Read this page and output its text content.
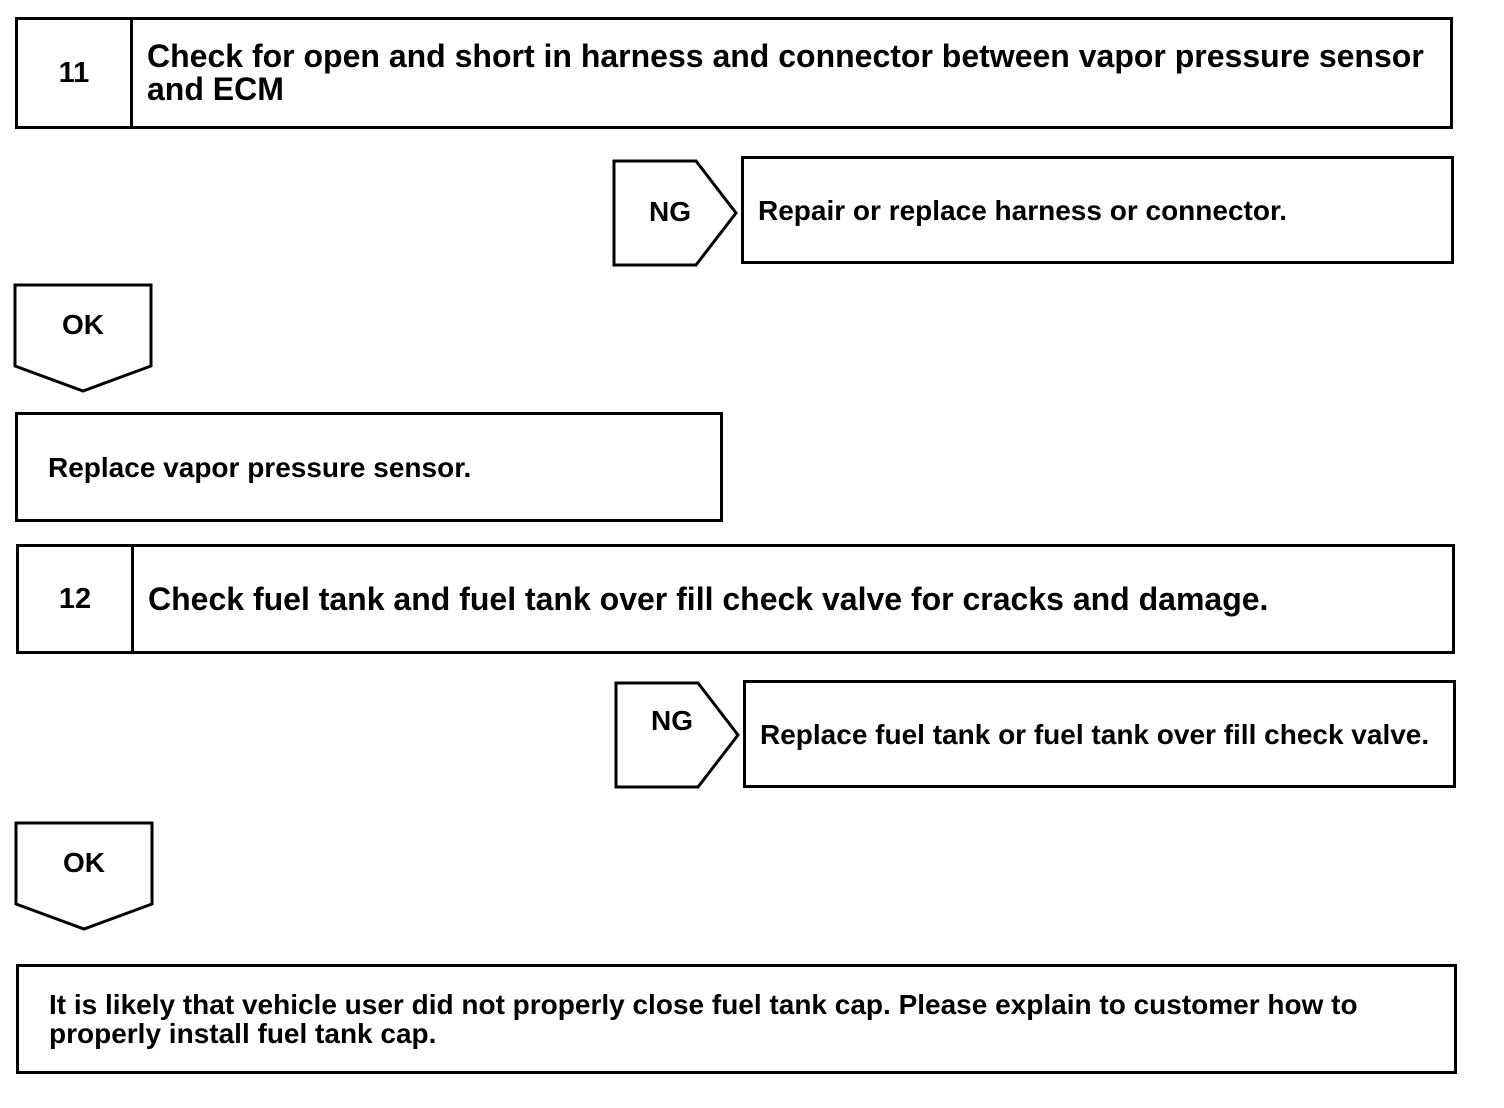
11	Check for open and short in harness and connector between vapor pressure sensor and ECM
NG	Repair or replace harness or connector.
OK
Replace vapor pressure sensor.
12	Check fuel tank and fuel tank over fill check valve for cracks and damage.
NG	Replace fuel tank or fuel tank over fill check valve.
OK
It is likely that vehicle user did not properly close fuel tank cap. Please explain to customer how to properly install fuel tank cap.
